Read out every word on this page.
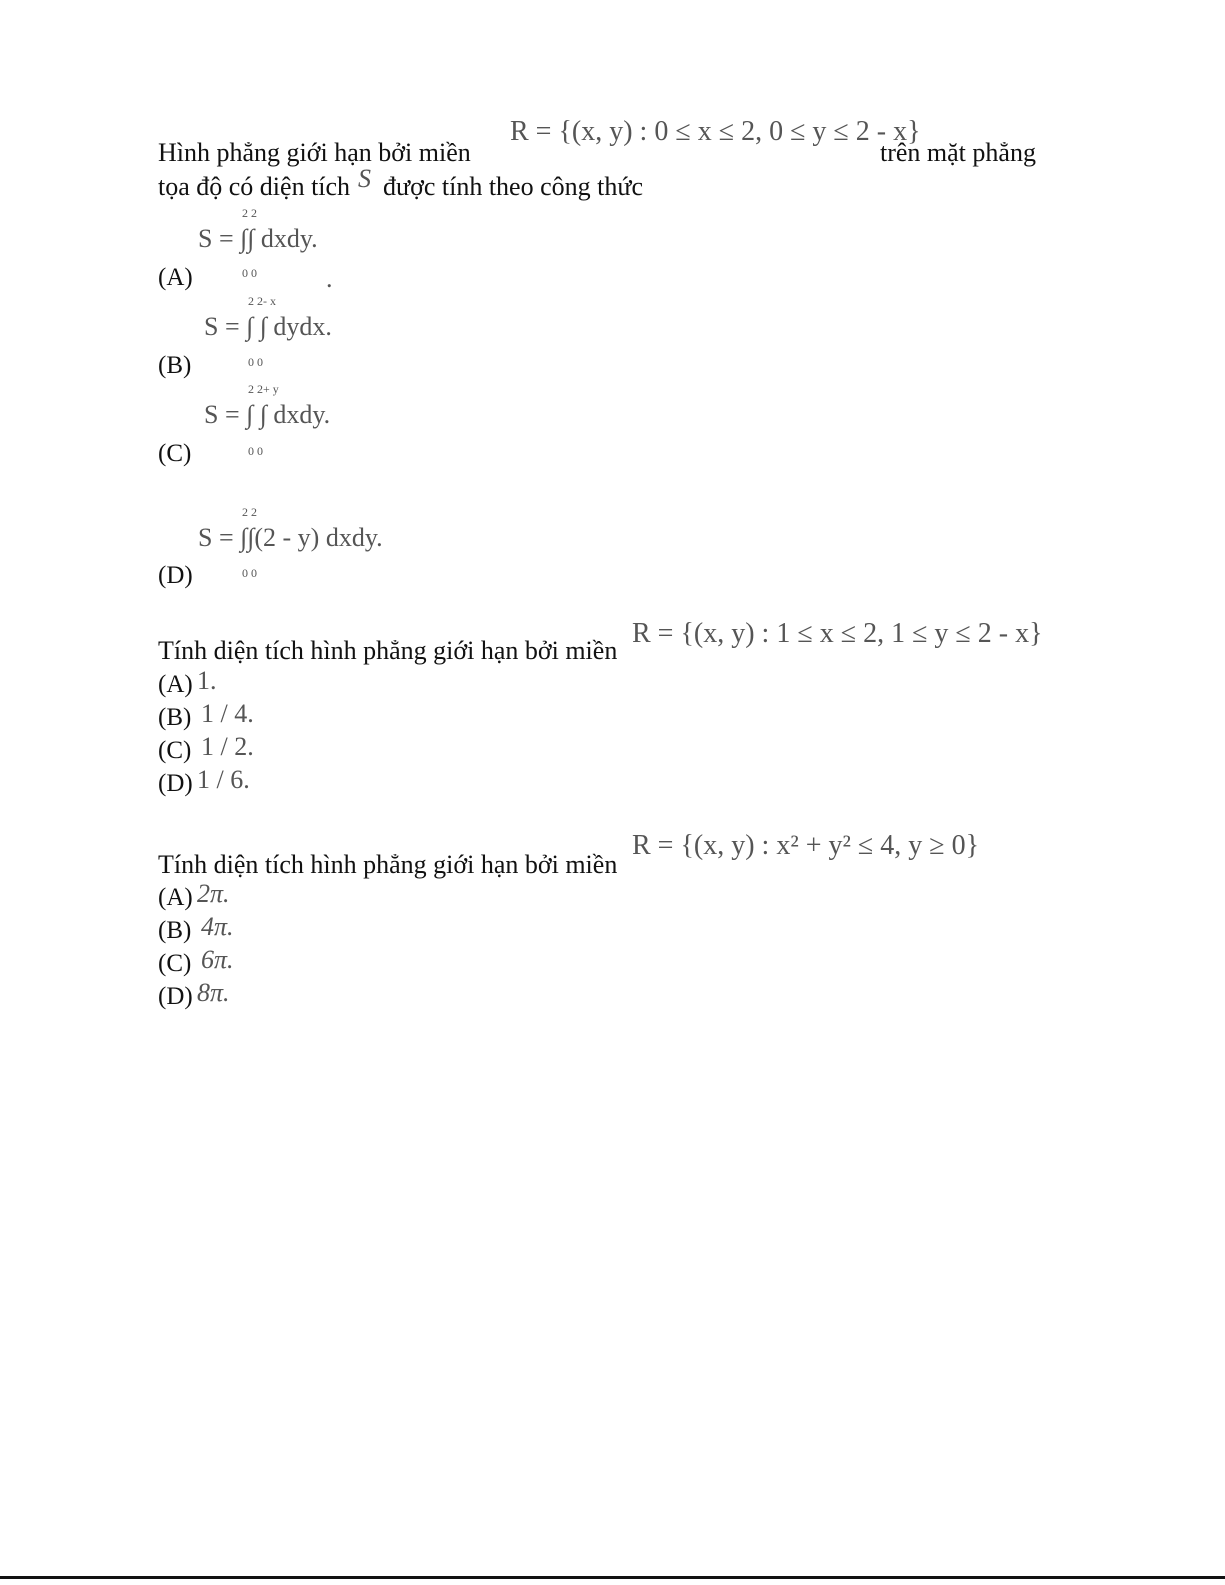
Hình phẳng giới hạn bởi miền
R = {(x, y) : 0 ≤ x ≤ 2, 0 ≤ y ≤ 2 - x}
trên mặt phẳng
tọa độ có diện tích S được tính theo công thức
2 2
S = ∫∫ dxdy.
0 0
(A)	.
2 2- x
S = ∫ ∫ dydx.
0 0
(B)
2 2+ y
S = ∫ ∫ dxdy.
0 0
(C)
2 2
S = ∫∫(2 - y) dxdy.
0 0
(D)
Tính diện tích hình phẳng giới hạn bởi miền
R = {(x, y) : 1 ≤ x ≤ 2, 1 ≤ y ≤ 2 - x}
(A) 1.
(B) 1 / 4.
(C) 1 / 2.
(D) 1 / 6.
Tính diện tích hình phẳng giới hạn bởi miền
R = {(x, y) : x² + y² ≤ 4, y ≥ 0}
(A) 2π.
(B) 4π.
(C) 6π.
(D) 8π.
